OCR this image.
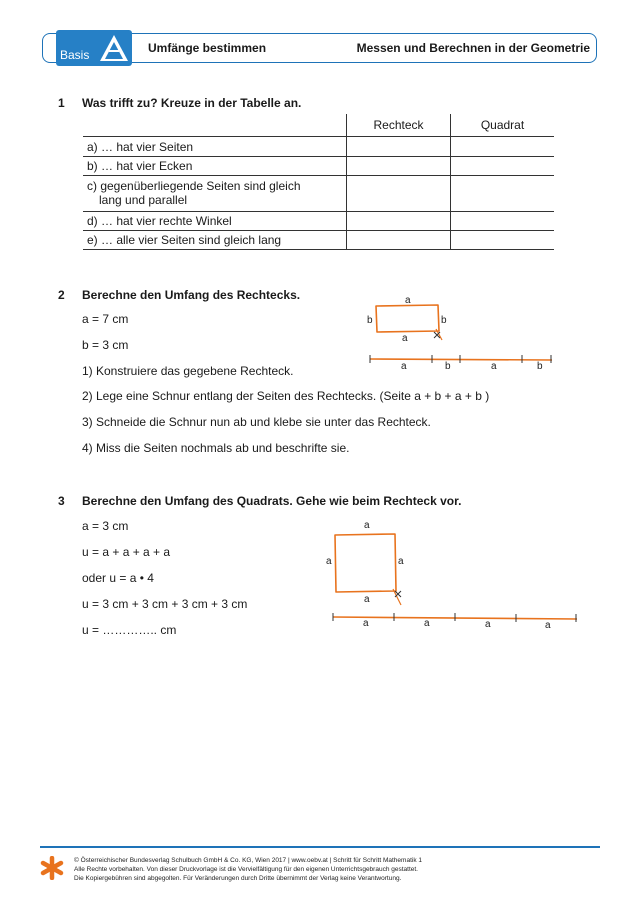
Basis	Umfänge bestimmen	Messen und Berechnen in der Geometrie
1 Was trifft zu? Kreuze in der Tabelle an.
	Rechteck	Quadrat
a) … hat vier Seiten		
b) … hat vier Ecken		

c) gegenüberliegende Seiten sind gleich
lang und parallel		

d) … hat vier rechte Winkel		
e) … alle vier Seiten sind gleich lang		
2 Berechne den Umfang des Rechtecks.
a = 7 cm
b = 3 cm
1) Konstruiere das gegebene Rechteck.
2) Lege eine Schnur entlang der Seiten des Rechtecks. (Seite a + b + a + b )
3) Schneide die Schnur nun ab und klebe sie unter das Rechteck.
4) Miss die Seiten nochmals ab und beschrifte sie.
a
b	b
a
a	b	a	b
3 Berechne den Umfang des Quadrats. Gehe wie beim Rechteck vor.
a = 3 cm
u = a + a + a + a
oder u = a • 4
u = 3 cm + 3 cm + 3 cm + 3 cm
u = ………….. cm
a
a	a
a
a	a	a	a
© Österreichischer Bundesverlag Schulbuch GmbH & Co. KG, Wien 2017 | www.oebv.at | Schritt für Schritt Mathematik 1
Alle Rechte vorbehalten. Von dieser Druckvorlage ist die Vervielfältigung für den eigenen Unterrichtsgebrauch gestattet.
Die Kopiergebühren sind abgegolten. Für Veränderungen durch Dritte übernimmt der Verlag keine Verantwortung.
